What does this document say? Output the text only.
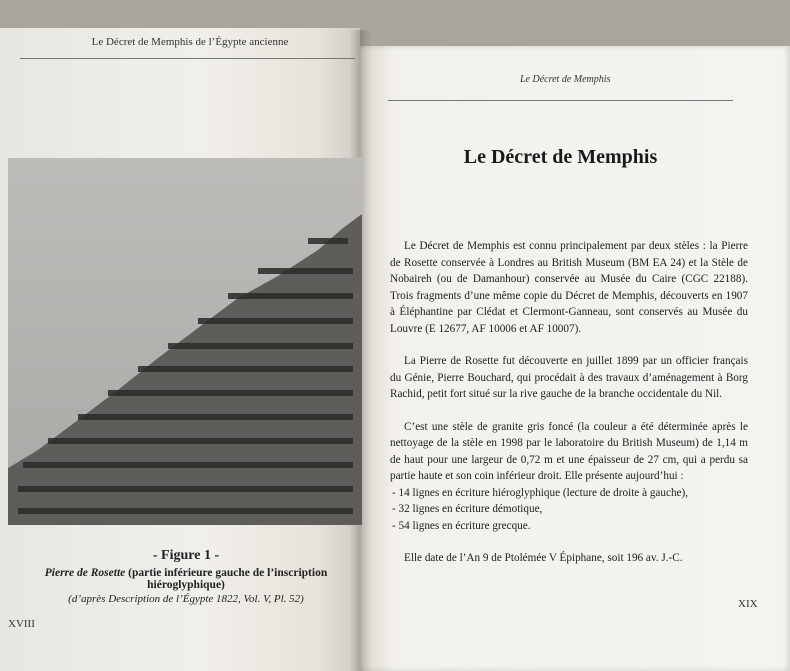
Le Décret de Memphis de l’Égypte ancienne
- Figure 1 -
Pierre de Rosette (partie inférieure gauche de l’inscription hiéroglyphique)
(d’après Description de l’Égypte 1822, Vol. V, Pl. 52)
XVIII
Le Décret de Memphis
Le Décret de Memphis

Le Décret de Memphis est connu principalement par deux stèles : la Pierre de Rosette conservée à Londres au British Museum (BM EA 24) et la Stèle de Nobaireh (ou de Damanhour) conservée au Musée du Caire (CGC 22188). Trois fragments d’une même copie du Décret de Memphis, découverts en 1907 à Éléphantine par Clédat et Clermont-Ganneau, sont conservés au Musée du Louvre (E 12677, AF 10006 et AF 10007).

La Pierre de Rosette fut découverte en juillet 1899 par un officier français du Génie, Pierre Bouchard, qui procédait à des travaux d’aménagement à Borg Rachid, petit fort situé sur la rive gauche de la branche occidentale du Nil.

C’est une stèle de granite gris foncé (la couleur a été déterminée après le nettoyage de la stèle en 1998 par le laboratoire du British Museum) de 1,14 m de haut pour une largeur de 0,72 m et une épaisseur de 27 cm, qui a perdu sa partie haute et son coin inférieur droit. Elle présente aujourd’hui :

- 14 lignes en écriture hiéroglyphique (lecture de droite à gauche),
- 32 lignes en écriture démotique,
- 54 lignes en écriture grecque.

Elle date de l’An 9 de Ptolémée V Épiphane, soit 196 av. J.-C.

XIX
